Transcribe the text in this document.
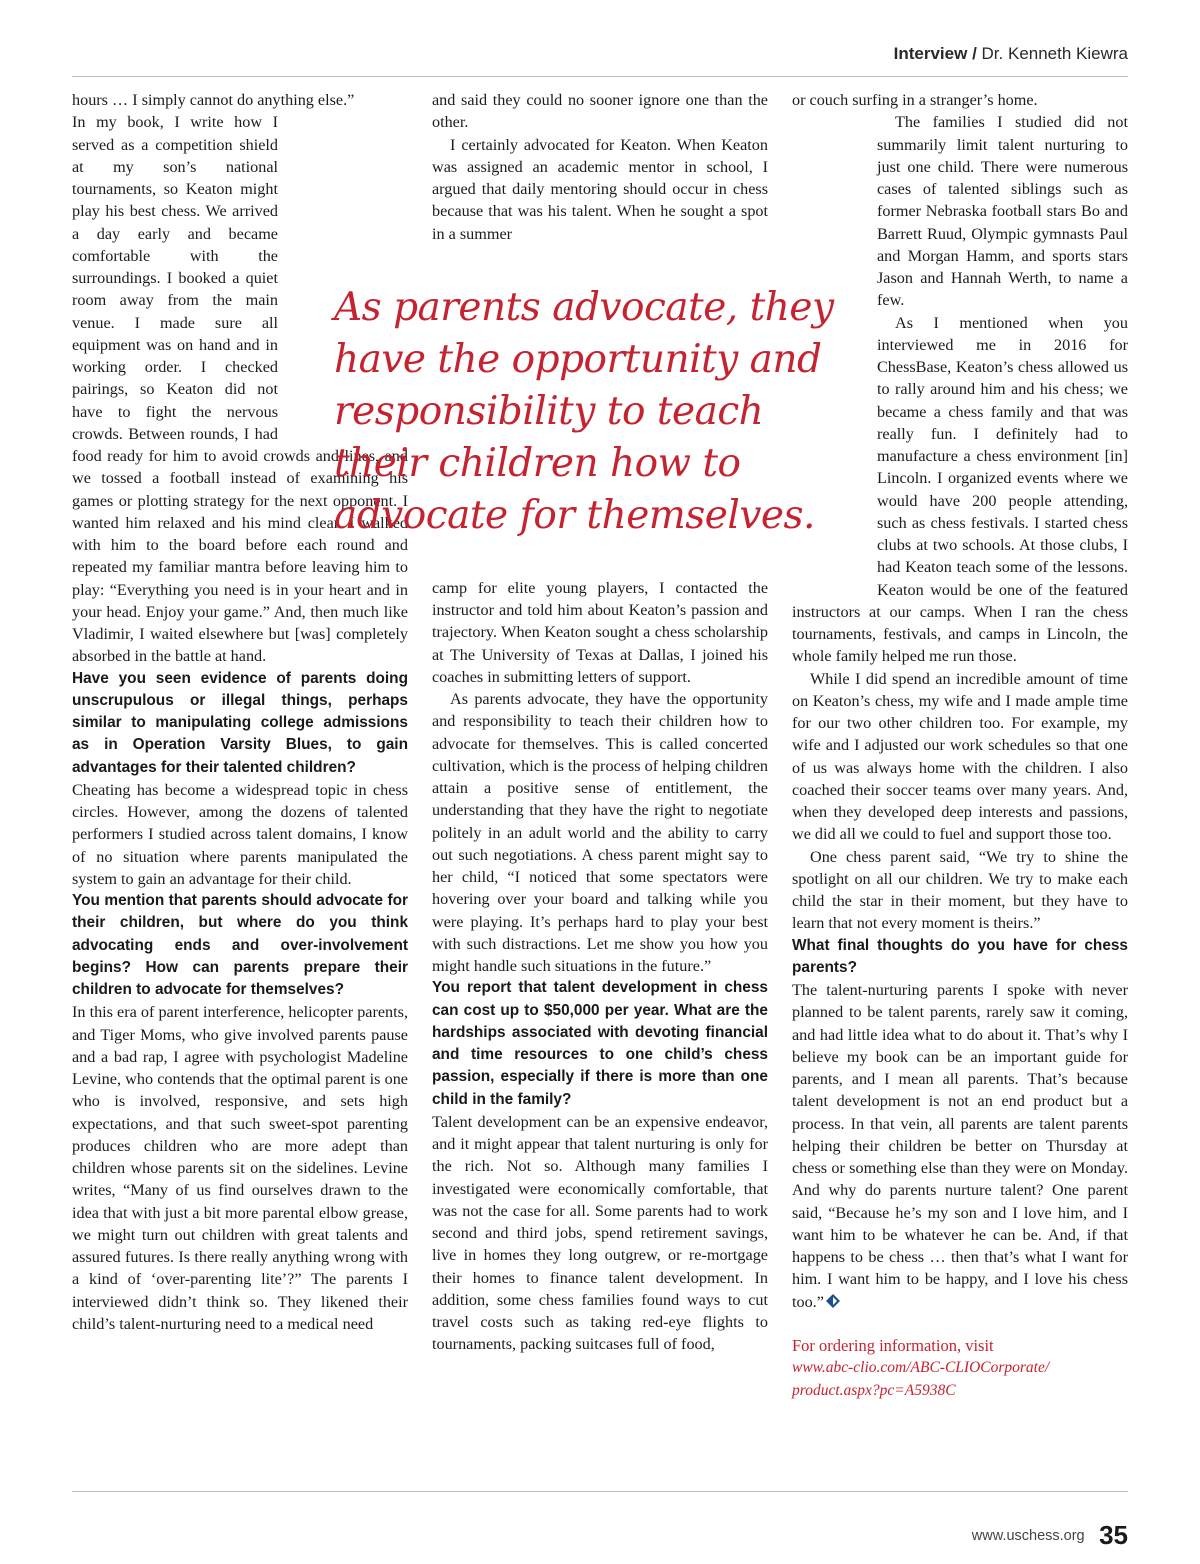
Interview / Dr. Kenneth Kiewra

hours … I simply cannot do anything else.”

In my book, I write how I served as a competition shield at my son’s national tournaments, so Keaton might play his best chess. We arrived a day early and became comfortable with the surroundings. I booked a quiet room away from the main venue. I made sure all equipment was on hand and in working order. I checked pairings, so Keaton did not have to fight the nervous crowds. Between rounds, I had food ready for him to avoid crowds and lines, and we tossed a football instead of examining his games or plotting strategy for the next opponent. I wanted him relaxed and his mind clear. I walked with him to the board before each round and repeated my familiar mantra before leaving him to play: “Everything you need is in your heart and in your head. Enjoy your game.” And, then much like Vladimir, I waited elsewhere but [was] completely absorbed in the battle at hand.

Have you seen evidence of parents doing unscrupulous or illegal things, perhaps similar to manipulating college admissions as in Operation Varsity Blues, to gain advantages for their talented children?

Cheating has become a widespread topic in chess circles. However, among the dozens of talented performers I studied across talent domains, I know of no situation where parents manipulated the system to gain an advantage for their child.

You mention that parents should advocate for their children, but where do you think advocating ends and over-involvement begins? How can parents prepare their children to advocate for themselves?

In this era of parent interference, helicopter parents, and Tiger Moms, who give involved parents pause and a bad rap, I agree with psychologist Madeline Levine, who contends that the optimal parent is one who is involved, responsive, and sets high expectations, and that such sweet-spot parenting produces children who are more adept than children whose parents sit on the sidelines. Levine writes, “Many of us find ourselves drawn to the idea that with just a bit more parental elbow grease, we might turn out children with great talents and assured futures. Is there really anything wrong with a kind of ‘over-parenting lite’?” The parents I interviewed didn’t think so. They likened their child’s talent-nurturing need to a medical need

and said they could no sooner ignore one than the other.

I certainly advocated for Keaton. When Keaton was assigned an academic mentor in school, I argued that daily mentoring should occur in chess because that was his talent. When he sought a spot in a summer

camp for elite young players, I contacted the instructor and told him about Keaton’s passion and trajectory. When Keaton sought a chess scholarship at The University of Texas at Dallas, I joined his coaches in submitting letters of support.

As parents advocate, they have the opportunity and responsibility to teach their children how to advocate for themselves. This is called concerted cultivation, which is the process of helping children attain a positive sense of entitlement, the understanding that they have the right to negotiate politely in an adult world and the ability to carry out such negotiations. A chess parent might say to her child, “I noticed that some spectators were hovering over your board and talking while you were playing. It’s perhaps hard to play your best with such distractions. Let me show you how you might handle such situations in the future.”

You report that talent development in chess can cost up to $50,000 per year. What are the hardships associated with devoting financial and time resources to one child’s chess passion, especially if there is more than one child in the family?

Talent development can be an expensive endeavor, and it might appear that talent nurturing is only for the rich. Not so. Although many families I investigated were economically comfortable, that was not the case for all. Some parents had to work second and third jobs, spend retirement savings, live in homes they long outgrew, or re-mortgage their homes to finance talent development. In addition, some chess families found ways to cut travel costs such as taking red-eye flights to tournaments, packing suitcases full of food,

or couch surfing in a stranger’s home.

The families I studied did not summarily limit talent nurturing to just one child. There were numerous cases of talented siblings such as former Nebraska football stars Bo and Barrett Ruud, Olympic gymnasts Paul and Morgan Hamm, and sports stars Jason and Hannah Werth, to name a few.

As I mentioned when you interviewed me in 2016 for ChessBase, Keaton’s chess allowed us to rally around him and his chess; we became a chess family and that was really fun. I definitely had to manufacture a chess environment [in] Lincoln. I organized events where we would have 200 people attending, such as chess festivals. I started chess clubs at two schools. At those clubs, I had Keaton teach some of the lessons. Keaton would be one of the featured instructors at our camps. When I ran the chess tournaments, festivals, and camps in Lincoln, the whole family helped me run those.

While I did spend an incredible amount of time on Keaton’s chess, my wife and I made ample time for our two other children too. For example, my wife and I adjusted our work schedules so that one of us was always home with the children. I also coached their soccer teams over many years. And, when they developed deep interests and passions, we did all we could to fuel and support those too.

One chess parent said, “We try to shine the spotlight on all our children. We try to make each child the star in their moment, but they have to learn that not every moment is theirs.”

What final thoughts do you have for chess parents?

The talent-nurturing parents I spoke with never planned to be talent parents, rarely saw it coming, and had little idea what to do about it. That’s why I believe my book can be an important guide for parents, and I mean all parents. That’s because talent development is not an end product but a process. In that vein, all parents are talent parents helping their children be better on Thursday at chess or something else than they were on Monday. And why do parents nurture talent? One parent said, “Because he’s my son and I love him, and I want him to be whatever he can be. And, if that happens to be chess … then that’s what I want for him. I want him to be happy, and I love his chess too.”

For ordering information, visit
www.abc-clio.com/ABC-CLIOCorporate/
product.aspx?pc=A5938C
As parents advocate, they have the opportunity and responsibility to teach their children how to advocate for themselves.
www.uschess.org 35
